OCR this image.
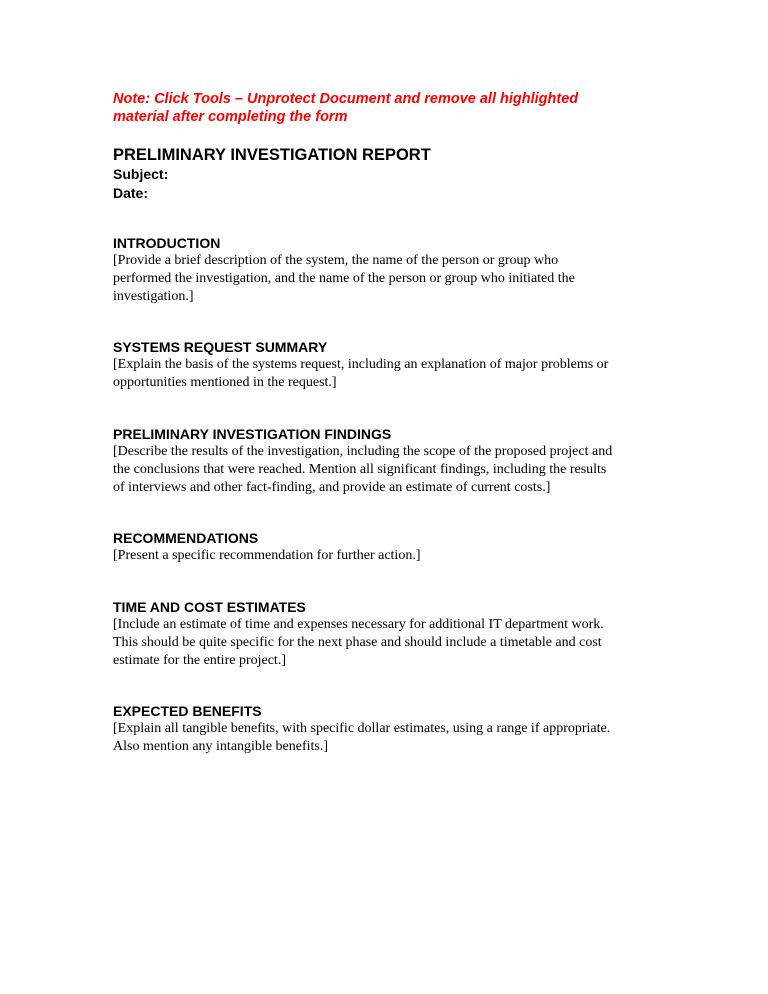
Note: Click Tools – Unprotect Document and remove all highlighted
material after completing the form
PRELIMINARY INVESTIGATION REPORT
Subject:
Date:
INTRODUCTION
[Provide a brief description of the system, the name of the person or group who
performed the investigation, and the name of the person or group who initiated the
investigation.]
SYSTEMS REQUEST SUMMARY
[Explain the basis of the systems request, including an explanation of major problems or
opportunities mentioned in the request.]
PRELIMINARY INVESTIGATION FINDINGS
[Describe the results of the investigation, including the scope of the proposed project and
the conclusions that were reached. Mention all significant findings, including the results
of interviews and other fact-finding, and provide an estimate of current costs.]
RECOMMENDATIONS
[Present a specific recommendation for further action.]
TIME AND COST ESTIMATES
[Include an estimate of time and expenses necessary for additional IT department work.
This should be quite specific for the next phase and should include a timetable and cost
estimate for the entire project.]
EXPECTED BENEFITS
[Explain all tangible benefits, with specific dollar estimates, using a range if appropriate.
Also mention any intangible benefits.]
